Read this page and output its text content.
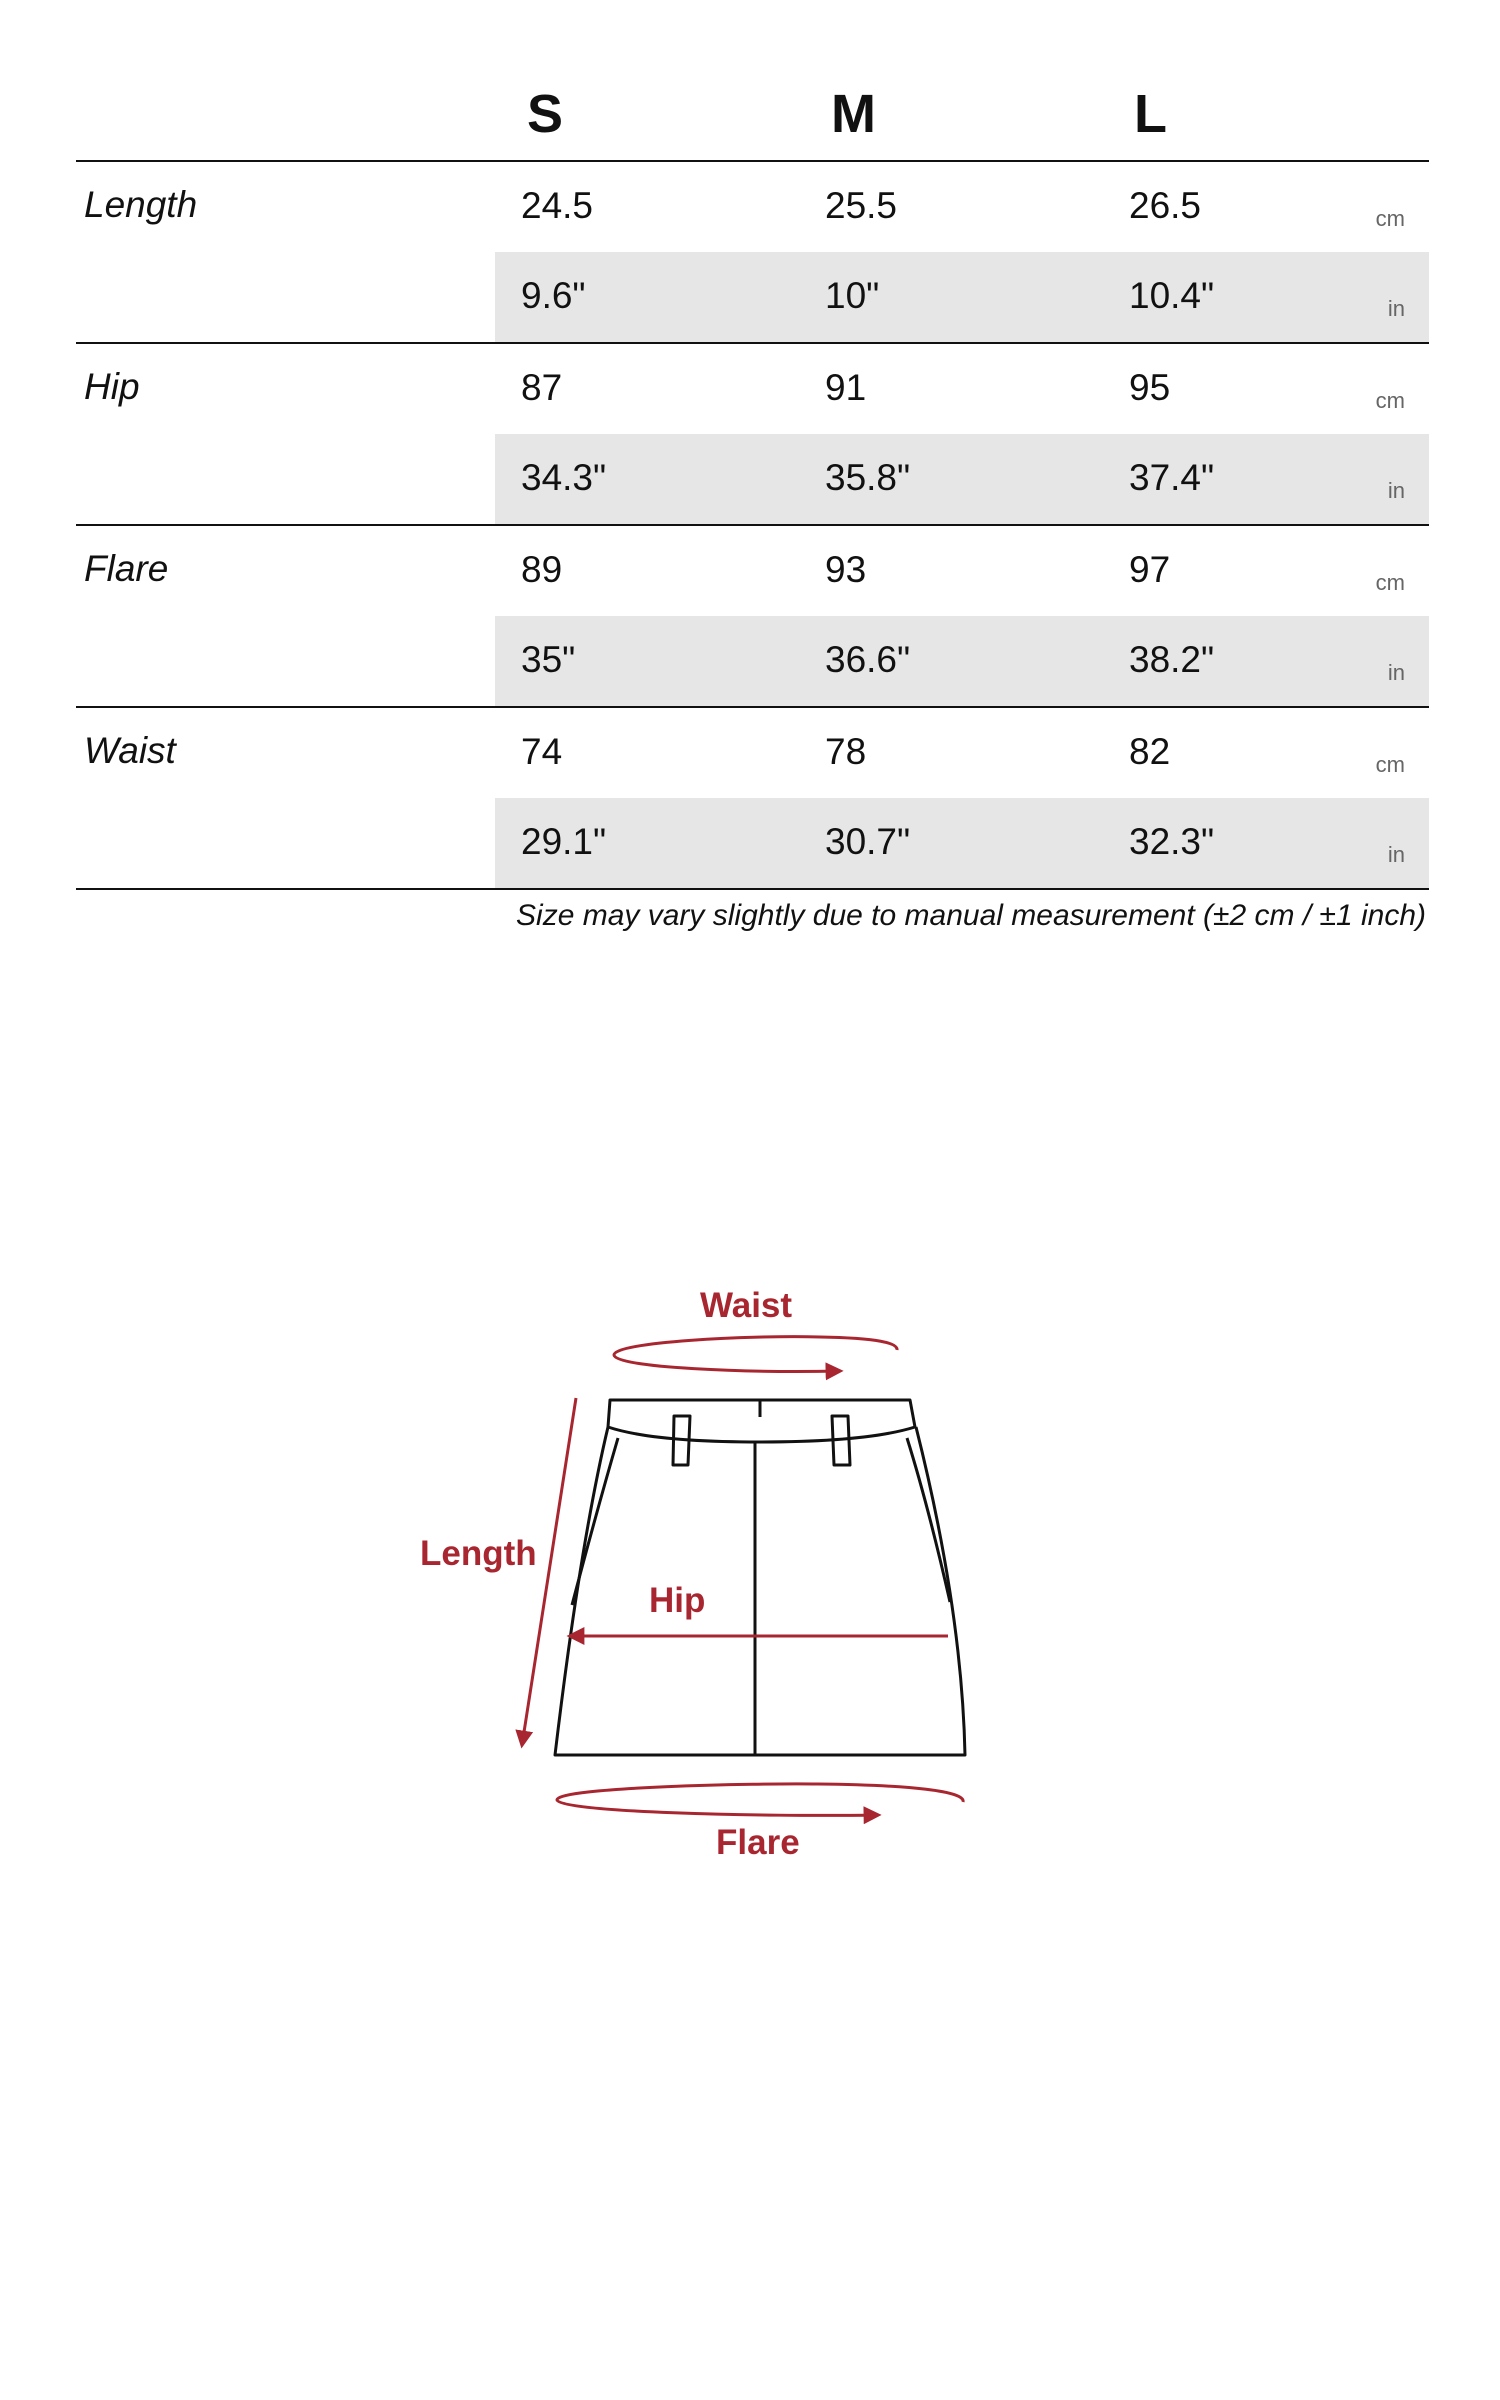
S	M	L
Length	24.5	25.5	26.5	cm
9.6"	10"	10.4"	in
Hip	87	91	95	cm
34.3"	35.8"	37.4"	in
Flare	89	93	97	cm
35"	36.6"	38.2"	in
Waist	74	78	82	cm
29.1"	30.7"	32.3"	in
Size may vary slightly due to manual measurement (±2 cm / ±1 inch)
Waist
Length
Hip
Flare
